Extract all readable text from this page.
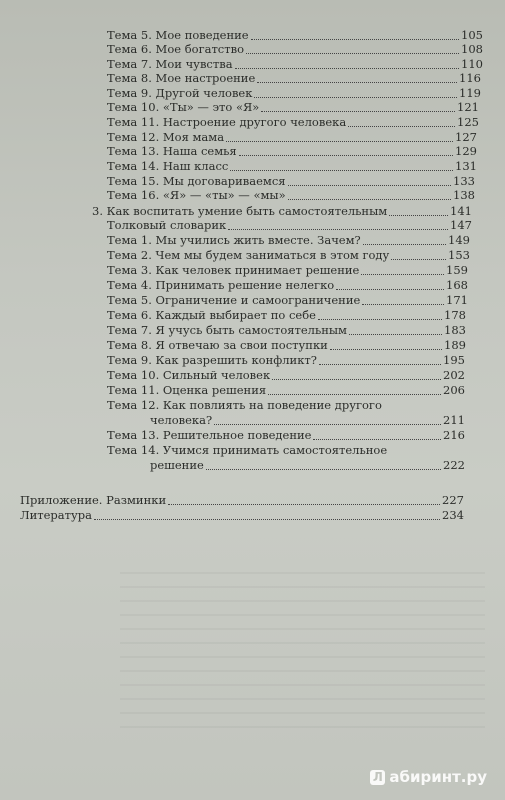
Тема 5. Мое поведение	105
Тема 6. Мое богатство	108
Тема 7. Мои чувства	110
Тема 8. Мое настроение	116
Тема 9. Другой человек	119
Тема 10. «Ты» — это «Я»	121
Тема 11. Настроение другого человека	125
Тема 12. Моя мама	127
Тема 13. Наша семья	129
Тема 14. Наш класс	131
Тема 15. Мы договариваемся	133
Тема 16. «Я» — «ты» — «мы»	138
3. Как воспитать умение быть самостоятельным	141
Толковый словарик	147
Тема 1. Мы учились жить вместе. Зачем?	149
Тема 2. Чем мы будем заниматься в этом году	153
Тема 3. Как человек принимает решение	159
Тема 4. Принимать решение нелегко	168
Тема 5. Ограничение и самоограничение	171
Тема 6. Каждый выбирает по себе	178
Тема 7. Я учусь быть самостоятельным	183
Тема 8. Я отвечаю за свои поступки	189
Тема 9. Как разрешить конфликт?	195
Тема 10. Сильный человек	202
Тема 11. Оценка решения	206
Тема 12. Как повлиять на поведение другого
человека?	211
Тема 13. Решительное поведение	216
Тема 14. Учимся принимать самостоятельное
решение	222
Приложение. Разминки	227
Литература	234
Л абиринт.ру
